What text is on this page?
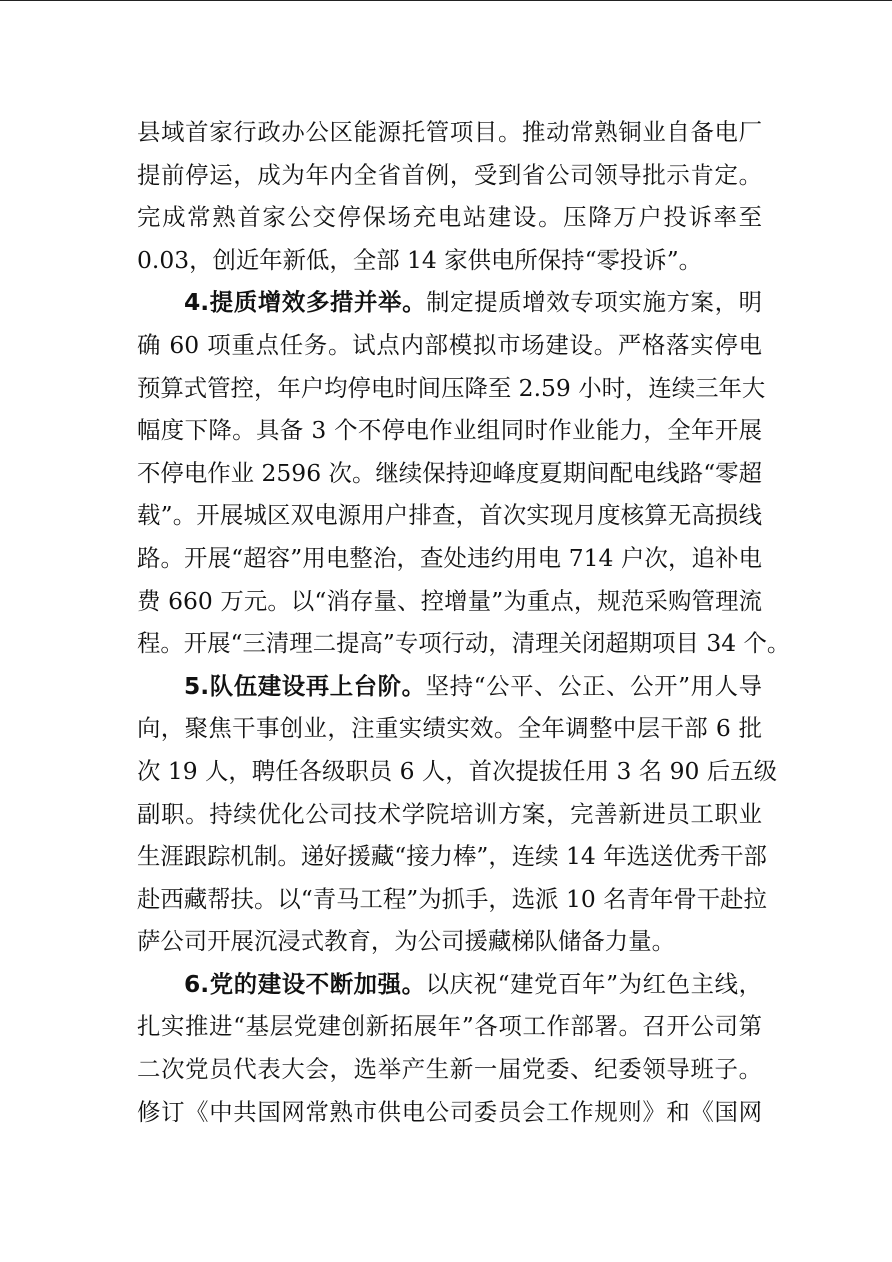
县域首家行政办公区能源托管项目。推动常熟铜业自备电厂
提前停运，成为年内全省首例，受到省公司领导批示肯定。
完成常熟首家公交停保场充电站建设。压降万户投诉率至
0.03，创近年新低，全部 14 家供电所保持“零投诉”。
4.提质增效多措并举。制定提质增效专项实施方案，明
确 60 项重点任务。试点内部模拟市场建设。严格落实停电
预算式管控，年户均停电时间压降至 2.59 小时，连续三年大
幅度下降。具备 3 个不停电作业组同时作业能力，全年开展
不停电作业 2596 次。继续保持迎峰度夏期间配电线路“零超
载”。开展城区双电源用户排查，首次实现月度核算无高损线
路。开展“超容”用电整治，查处违约用电 714 户次，追补电
费 660 万元。以“消存量、控增量”为重点，规范采购管理流
程。开展“三清理二提高”专项行动，清理关闭超期项目 34 个。
5.队伍建设再上台阶。坚持“公平、公正、公开”用人导
向，聚焦干事创业，注重实绩实效。全年调整中层干部 6 批
次 19 人，聘任各级职员 6 人，首次提拔任用 3 名 90 后五级
副职。持续优化公司技术学院培训方案，完善新进员工职业
生涯跟踪机制。递好援藏“接力棒”，连续 14 年选送优秀干部
赴西藏帮扶。以“青马工程”为抓手，选派 10 名青年骨干赴拉
萨公司开展沉浸式教育，为公司援藏梯队储备力量。
6.党的建设不断加强。以庆祝“建党百年”为红色主线，
扎实推进“基层党建创新拓展年”各项工作部署。召开公司第
二次党员代表大会，选举产生新一届党委、纪委领导班子。
修订《中共国网常熟市供电公司委员会工作规则》和《国网
